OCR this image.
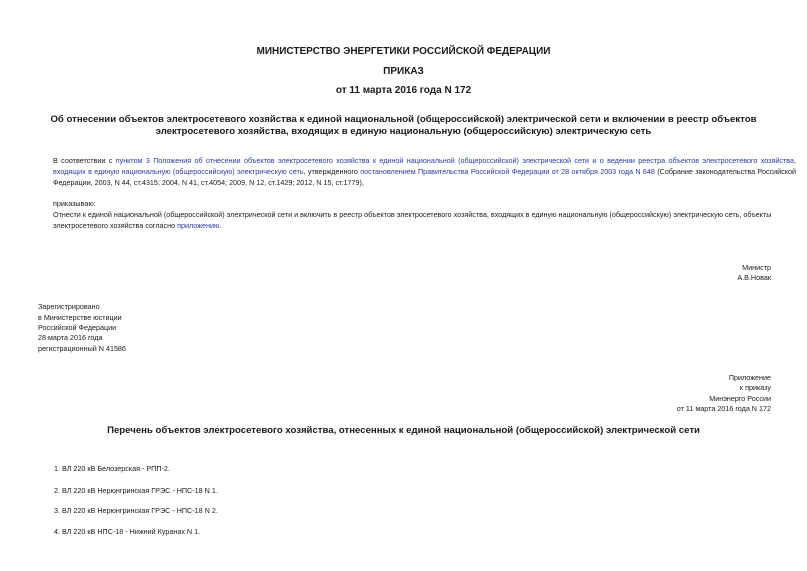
МИНИСТЕРСТВО ЭНЕРГЕТИКИ РОССИЙСКОЙ ФЕДЕРАЦИИ
ПРИКАЗ
от 11 марта 2016 года N 172
Об отнесении объектов электросетевого хозяйства к единой национальной (общероссийской) электрической сети и включении в реестр объектов
электросетевого хозяйства, входящих в единую национальную (общероссийскую) электрическую сеть
В соответствии с пунктом 3 Положения об отнесении объектов электросетевого хозяйства к единой национальной (общероссийской) электрической сети и о ведении реестра объектов электросетевого хозяйства, входящих в единую национальную (общероссийскую) электрическую сеть, утвержденного постановлением Правительства Российской Федерации от 28 октября 2003 года N 648 (Собрание законодательства Российской Федерации, 2003, N 44, ст.4315; 2004, N 41, ст.4054; 2009, N 12, ст.1429; 2012, N 15, ст.1779),
приказываю:
Отнести к единой национальной (общероссийской) электрической сети и включить в реестр объектов электросетевого хозяйства, входящих в единую национальную (общероссийскую) электрическую сеть, объекты электросетевого хозяйства согласно приложению.
Министр
А.В.Новак
Зарегистрировано
в Министерстве юстиции
Российской Федерации
28 марта 2016 года
регистрационный N 41586
Приложение
к приказу
Минэнерго России
от 11 марта 2016 года N 172
Перечень объектов электросетевого хозяйства, отнесенных к единой национальной (общероссийской) электрической сети
1. ВЛ 220 кВ Белозерская - РПП-2.
2. ВЛ 220 кВ Нерюнгринская ГРЭС - НПС-18 N 1.
3. ВЛ 220 кВ Нерюнгринская ГРЭС - НПС-18 N 2.
4. ВЛ 220 кВ НПС-18 - Нижний Куранах N 1.
